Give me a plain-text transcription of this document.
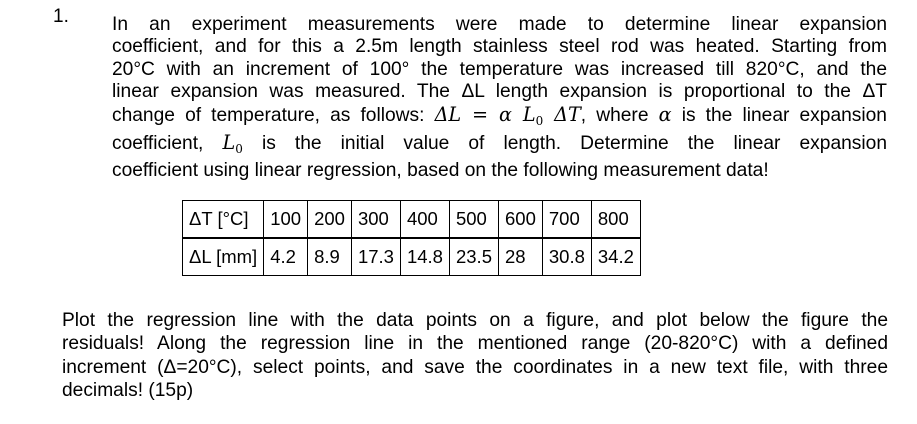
1. In an experiment measurements were made to determine linear expansion
coefficient, and for this a 2.5m length stainless steel rod was heated. Starting from
20°C with an increment of 100° the temperature was increased till 820°C, and the
linear expansion was measured. The ΔL length expansion is proportional to the ΔT
change of temperature, as follows: ΔL = α $L_0$ ΔT, where α is the linear expansion
coefficient, $L_0$ is the initial value of length. Determine the linear expansion
coefficient using linear regression, based on the following measurement data!
ΔT [°C]	100	200	300	400	500	600	700	800
ΔL [mm]	4.2	8.9	17.3	14.8	23.5	28	30.8	34.2
Plot the regression line with the data points on a figure, and plot below the figure the
residuals! Along the regression line in the mentioned range (20-820°C) with a defined
increment (Δ=20°C), select points, and save the coordinates in a new text file, with three
decimals! (15p)
